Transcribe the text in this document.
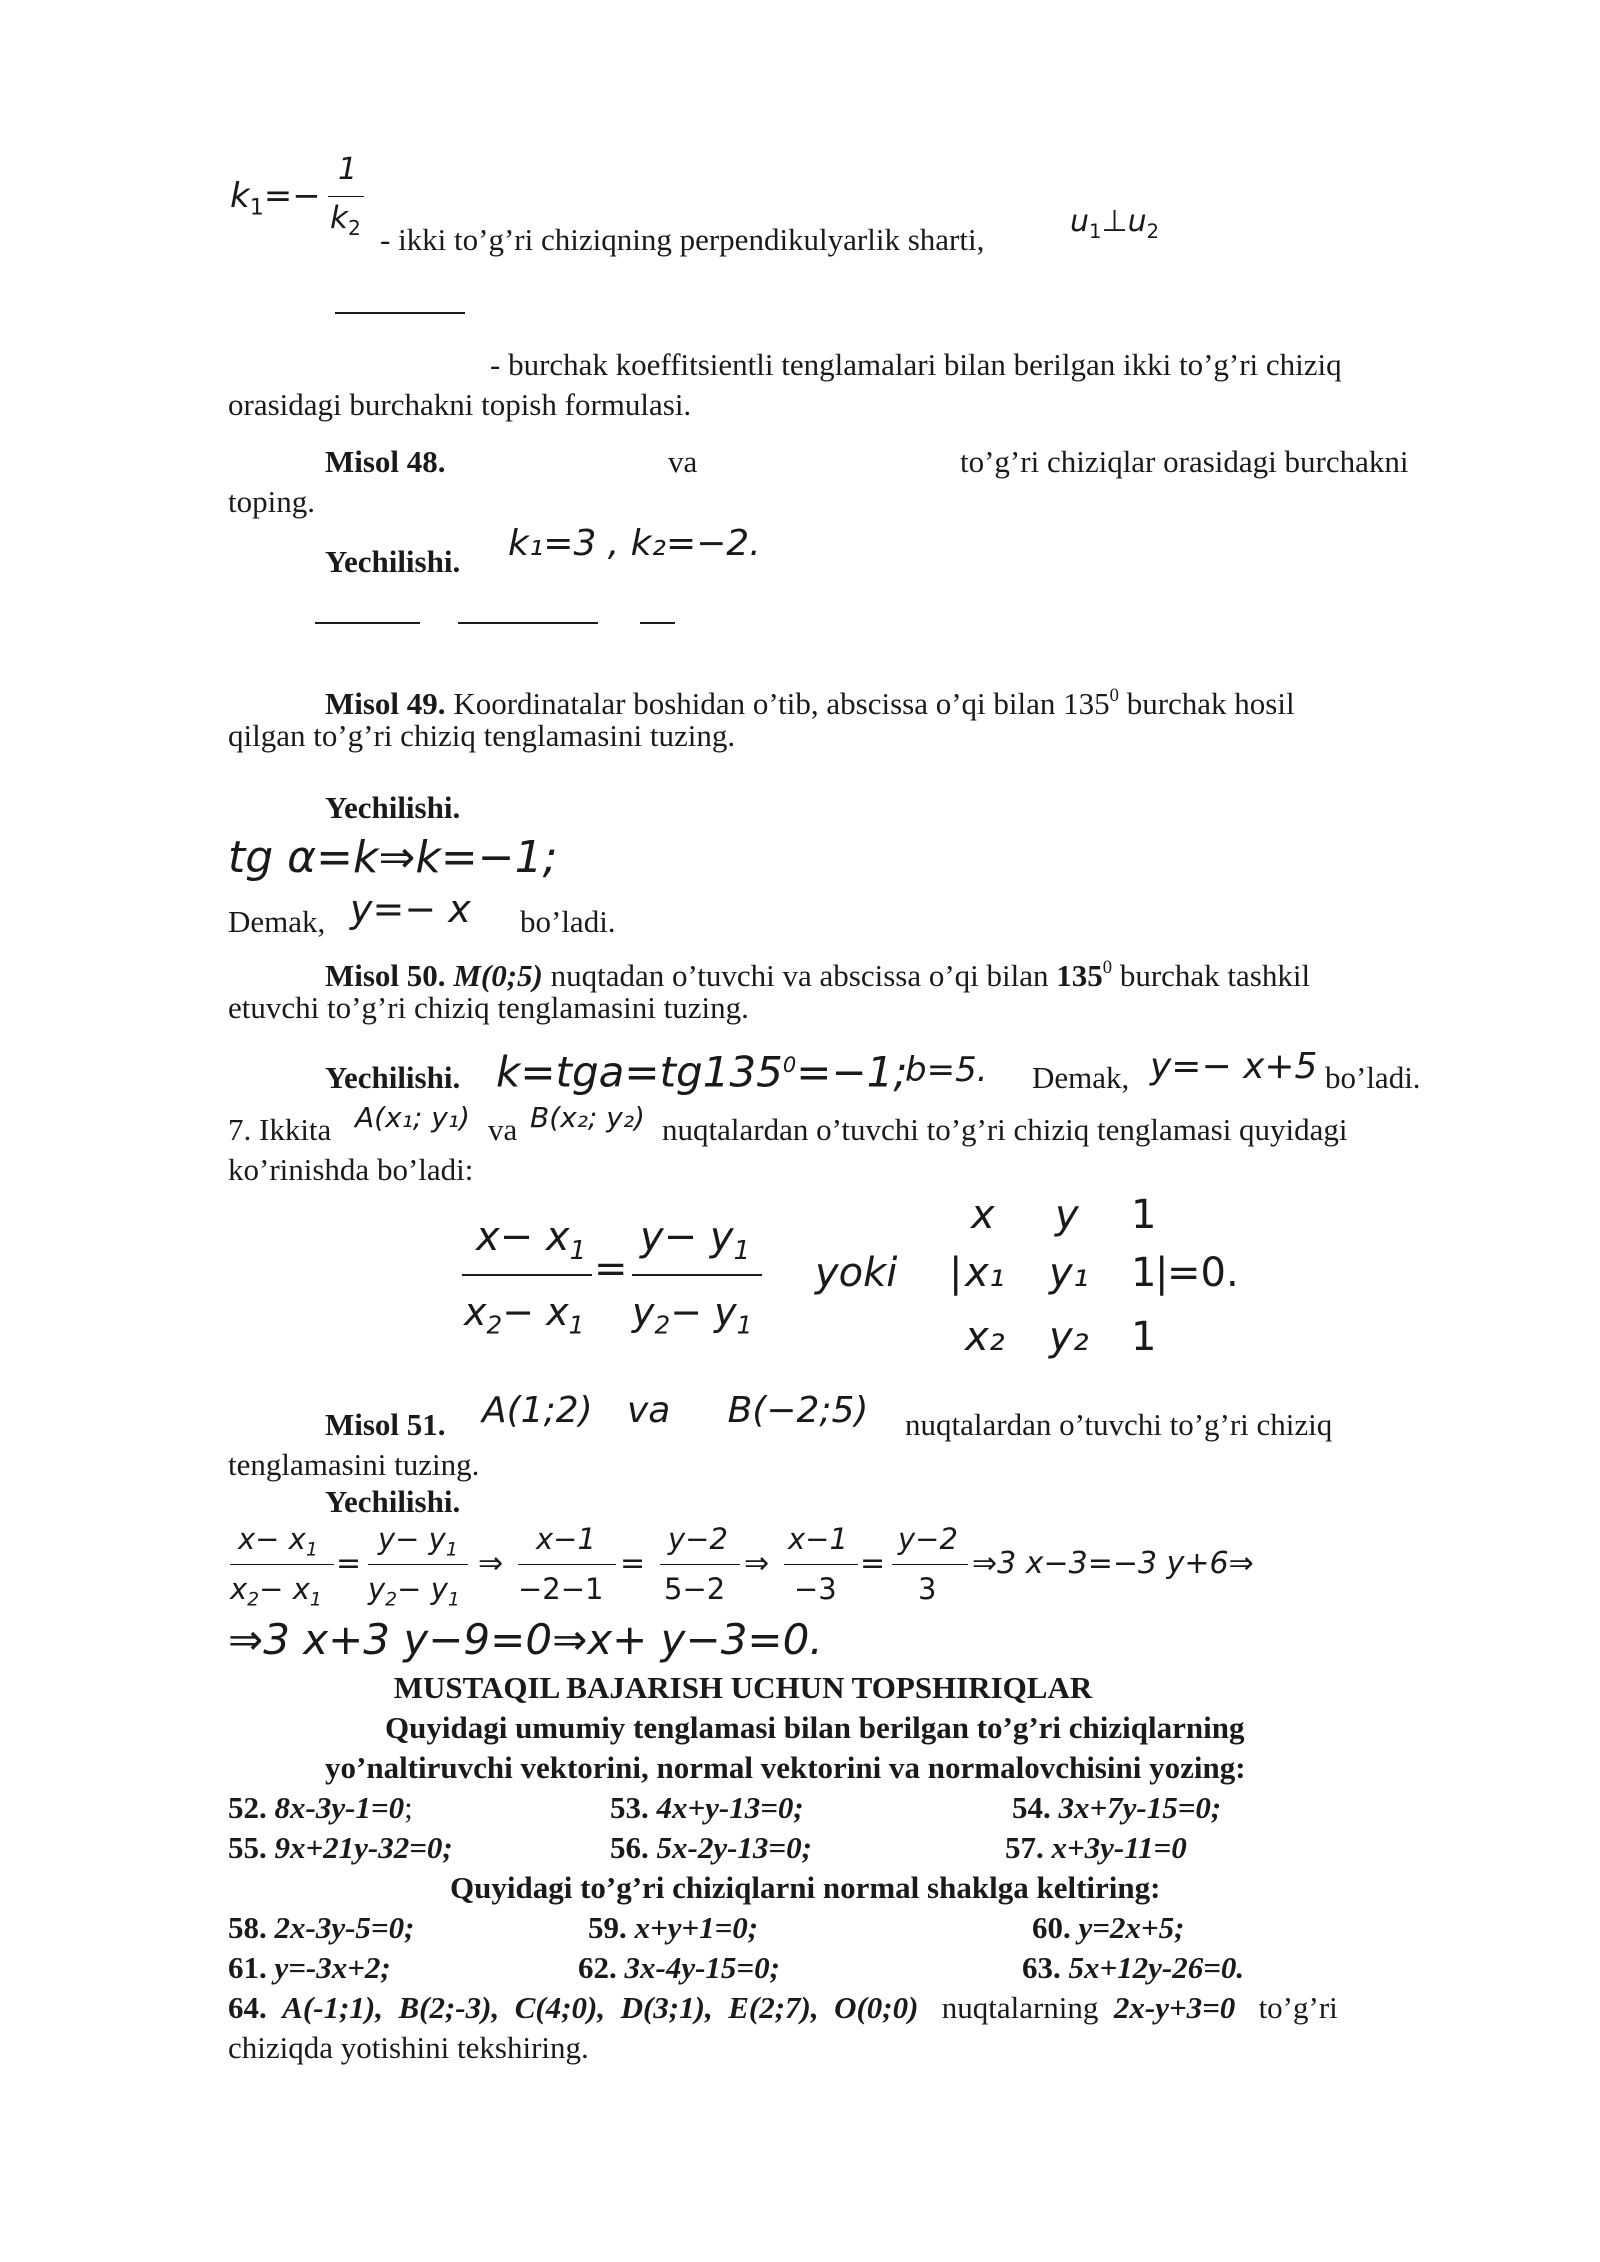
$k_1=-$
1
$k_2$ - ikki to’g’ri chiziqning perpendikulyarlik sharti,
$u_1\perp u_2$
- burchak koeffitsientli tenglamalari bilan berilgan ikki to’g’ri chiziq
orasidagi burchakni topish formulasi.
Misol 48.	va	to’g’ri chiziqlar orasidagi burchakni
toping.
Yechilishi. k₁=3 , k₂=−2.
Misol 49. Koordinatalar boshidan o’tib, abscissa o’qi bilan $135^0$ burchak hosil
qilgan to’g’ri chiziq tenglamasini tuzing.
Yechilishi.
tg α=k⇒k=−1;
Demak, y=− x bo’ladi.
Misol 50. M(0;5) nuqtadan o’tuvchi va abscissa o’qi bilan $135^0$ burchak tashkil
etuvchi to’g’ri chiziq tenglamasini tuzing.
Yechilishi. $k=tga=tg135^0=-1$;
b=5. Demak, y=− x+5 bo’ladi.
7. Ikkita A(x₁; y₁) va B(x₂; y₂) nuqtalardan o’tuvchi to’g’ri chiziq tenglamasi quyidagi
ko’rinishda bo’ladi:
$x- x_1$
$x_2- x_1$
=
$y- y_1$
$y_2- y_1$
yoki
x y 1
| x₁ y₁ 1
|
=0.
x₂ y₂ 1
Misol 51. A(1;2)   va     B(−2;5) nuqtalardan o’tuvchi to’g’ri chiziq
tenglamasini tuzing.
Yechilishi.
$x- x_1$
$x_2- x_1$
=
$y- y_1$
$y_2- y_1$
⇒
x−1
−2−1
=
y−2
5−2
⇒
x−1
−3
=
y−2
3
⇒3 x−3=−3 y+6⇒
⇒3 x+3 y−9=0⇒x+ y−3=0.
MUSTAQIL BAJARISH UCHUN TOPSHIRIQLAR
Quyidagi umumiy tenglamasi bilan berilgan to’g’ri chiziqlarning
yo’naltiruvchi vektorini, normal vektorini va normalovchisini yozing:
52. 8x-3y-1=0;	53. 4x+y-13=0;	54. 3x+7y-15=0;
55. 9x+21y-32=0;	56. 5x-2y-13=0;	57. x+3y-11=0
Quyidagi to’g’ri chiziqlarni normal shaklga keltiring:
58. 2x-3y-5=0;	59. x+y+1=0;	60. y=2x+5;
61. y=-3x+2;	62. 3x-4y-15=0;	63. 5x+12y-26=0.
64. A(-1;1),  B(2;-3),  C(4;0),  D(3;1),  E(2;7),  O(0;0) nuqtalarning 2x-y+3=0 to’g’ri
chiziqda yotishini tekshiring.
